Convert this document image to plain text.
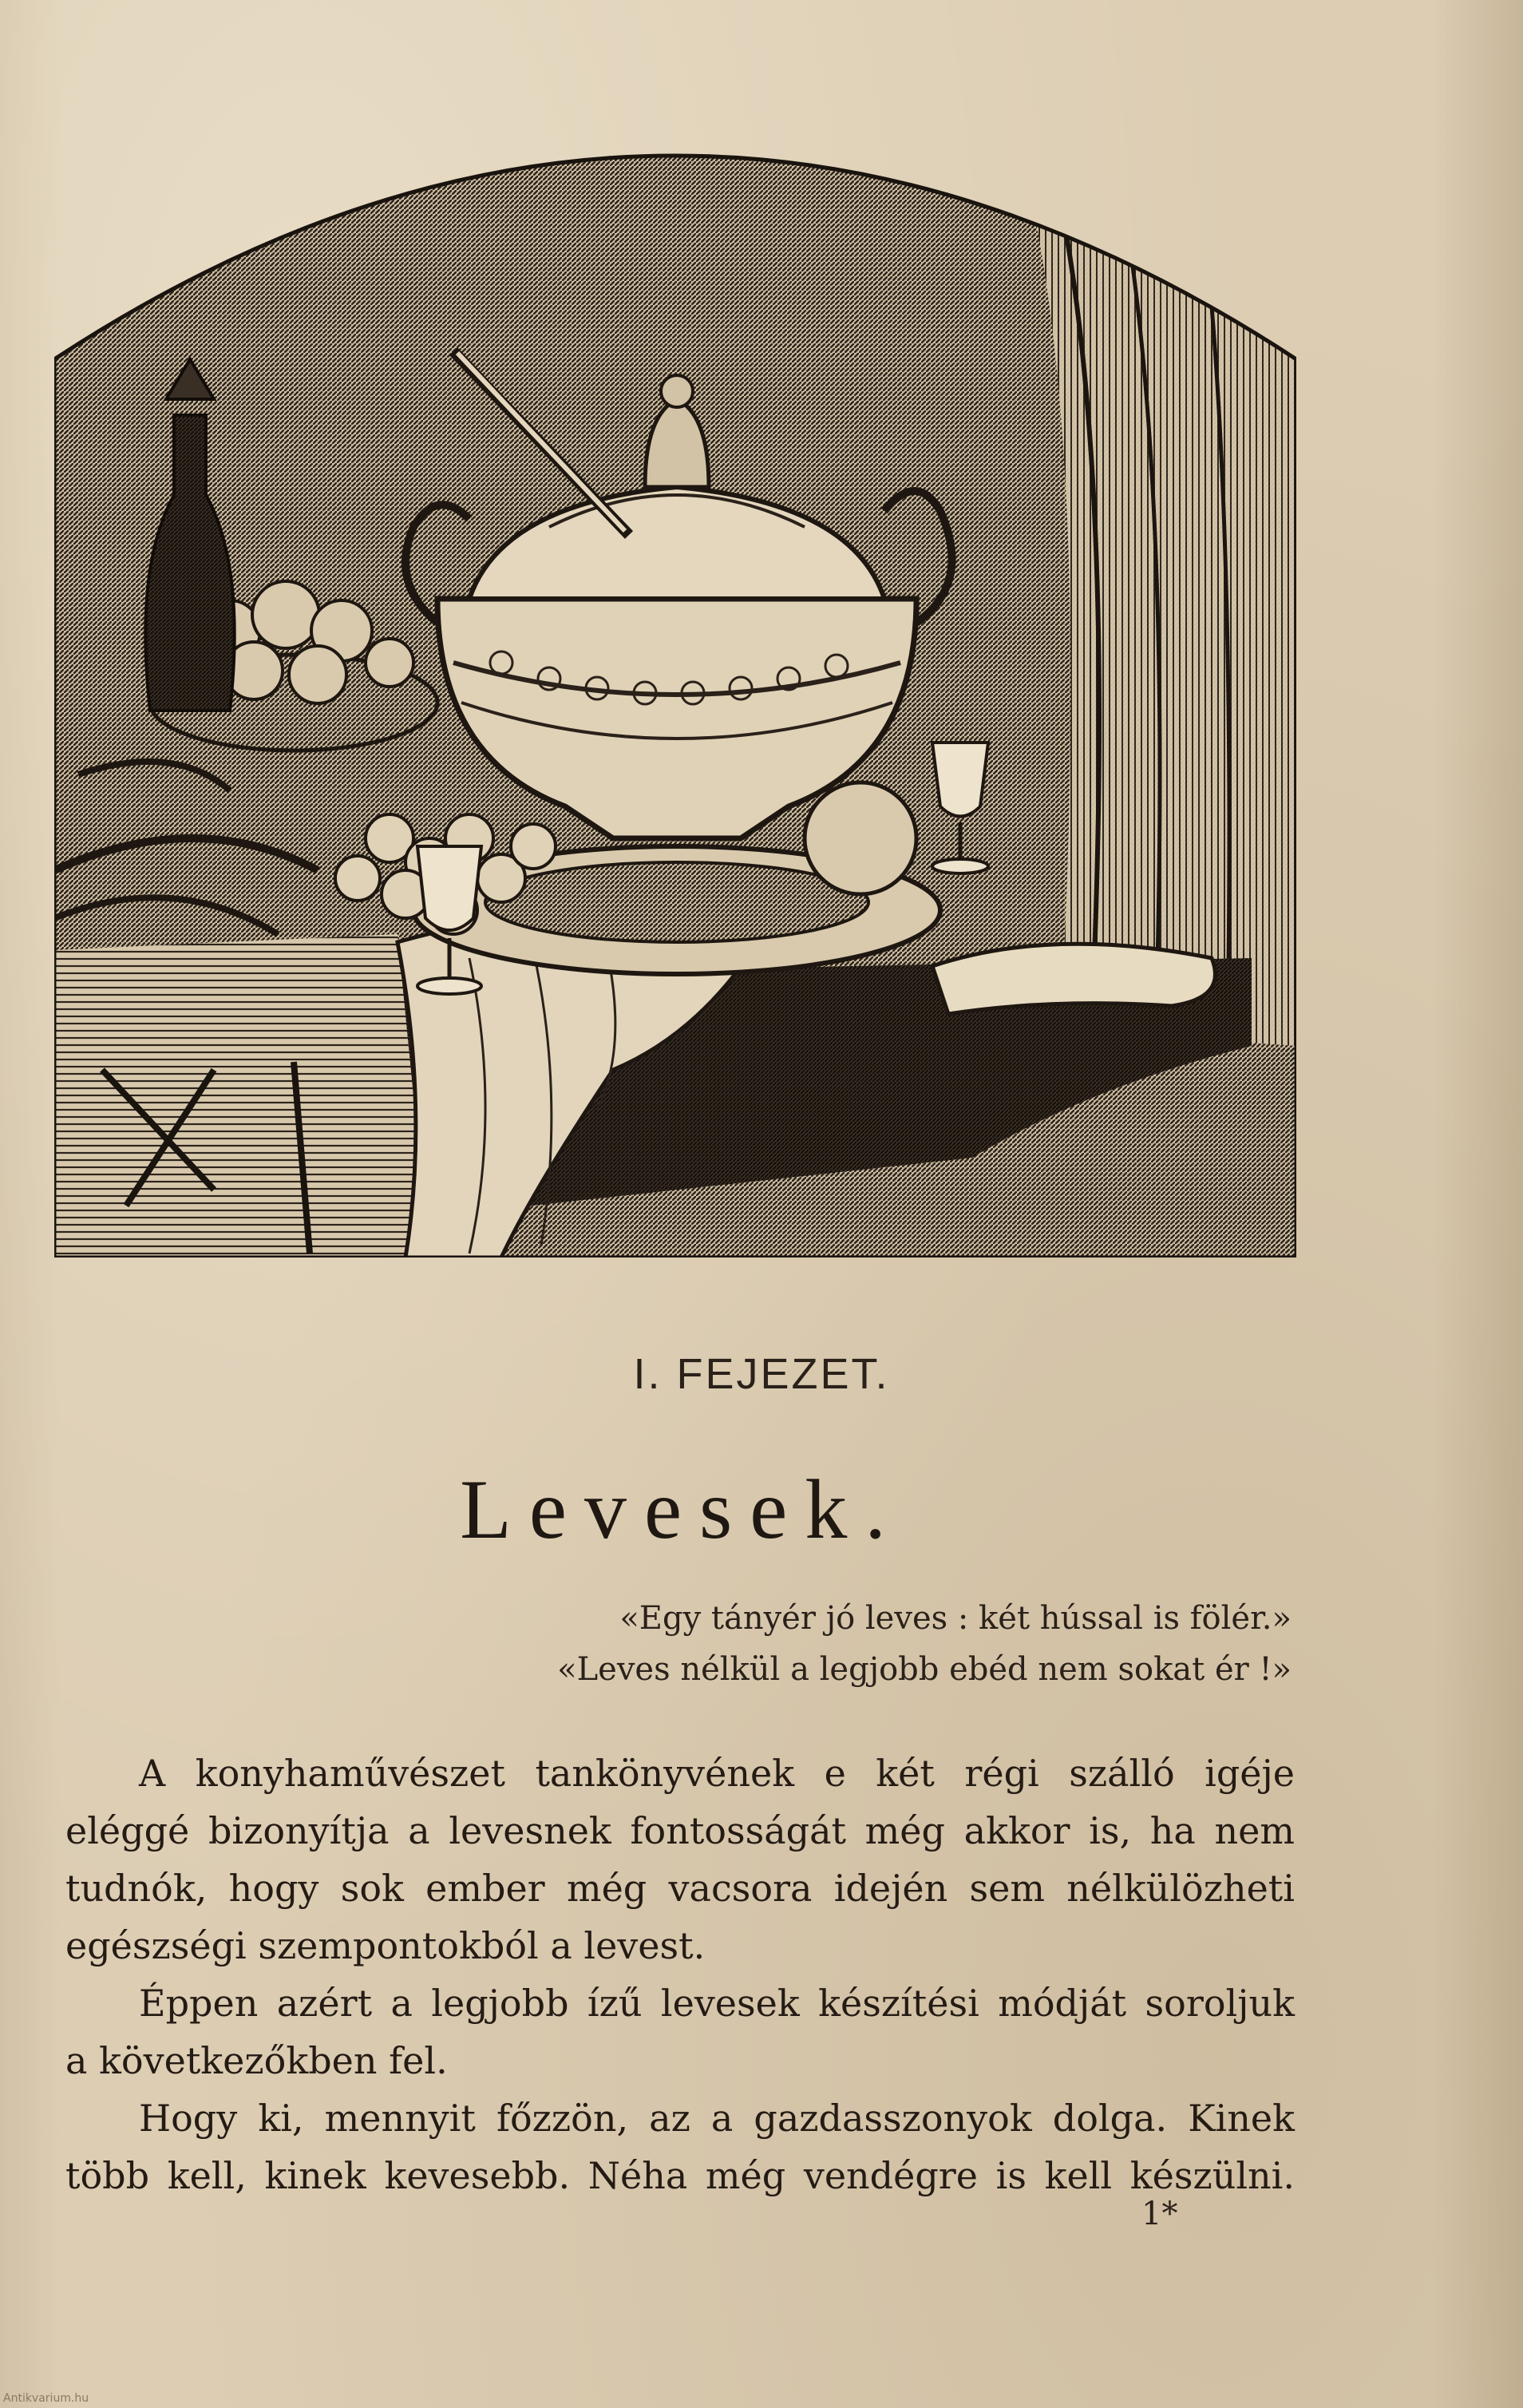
I. FEJEZET.
Levesek.
«Egy tányér jó leves : két hússal is fölér.»
«Leves nélkül a legjobb ebéd nem sokat ér !»
A konyhaművészet tankönyvének e két régi szálló igéje
eléggé bizonyítja a levesnek fontosságát még akkor is, ha nem
tudnók, hogy sok ember még vacsora idején sem nélkülözheti
egészségi szempontokból a levest.
Éppen azért a legjobb ízű levesek készítési módját soroljuk
a következőkben fel.
Hogy ki, mennyit főzzön, az a gazdasszonyok dolga. Kinek
több kell, kinek kevesebb. Néha még vendégre is kell készülni.
1*
Antikvarium.hu
